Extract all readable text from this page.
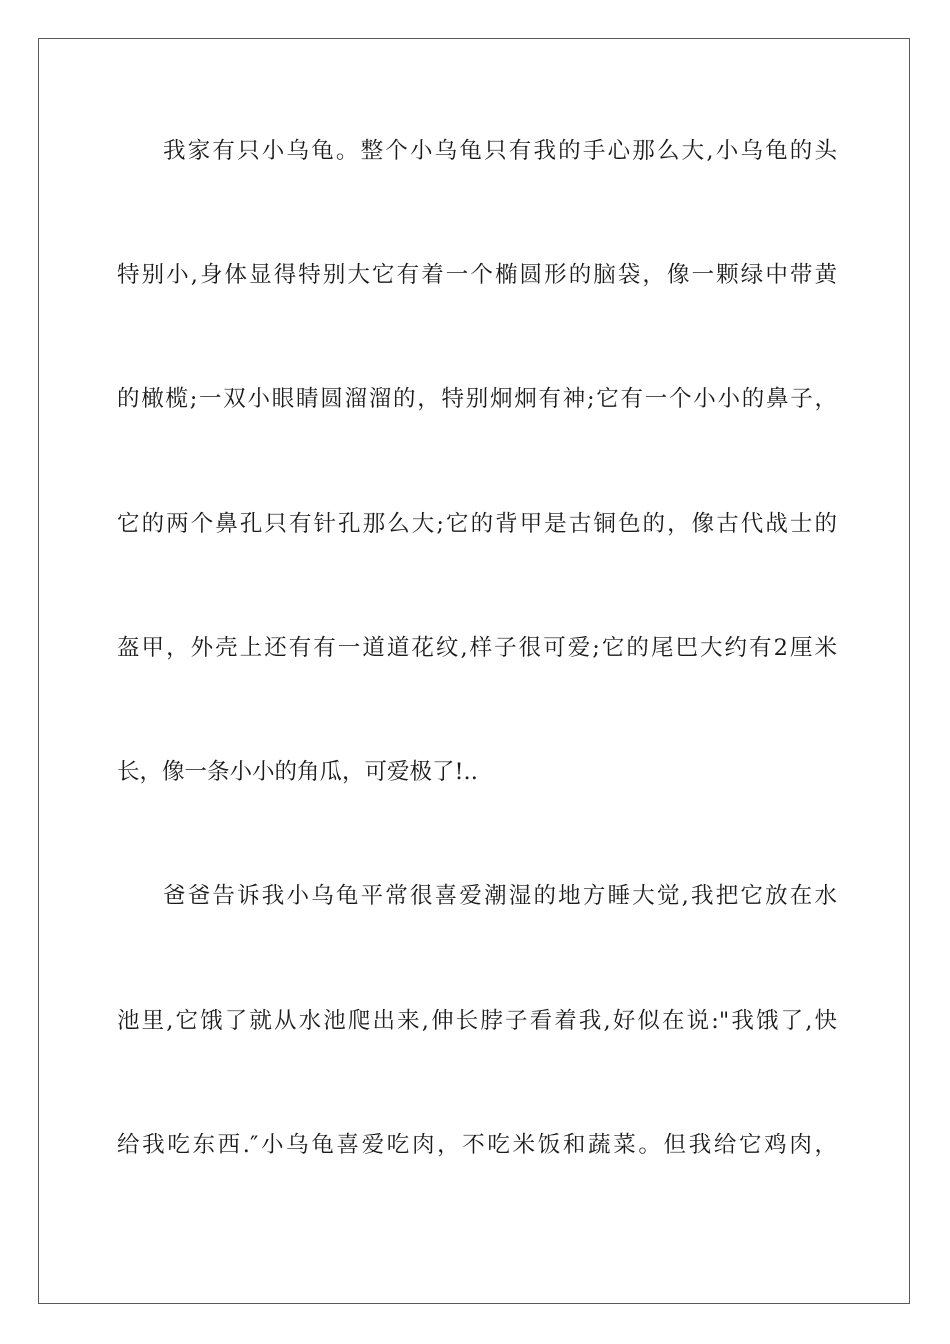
我家有只小乌龟。整个小乌龟只有我的手心那么大,小乌龟的头
特别小,身体显得特别大它有着一个椭圆形的脑袋，像一颗绿中带黄
的橄榄;一双小眼睛圆溜溜的，特别炯炯有神;它有一个小小的鼻子，
它的两个鼻孔只有针孔那么大;它的背甲是古铜色的，像古代战士的
盔甲，外壳上还有有一道道花纹,样子很可爱;它的尾巴大约有2厘米
长，像一条小小的角瓜，可爱极了!..
爸爸告诉我小乌龟平常很喜爱潮湿的地方睡大觉,我把它放在水
池里,它饿了就从水池爬出来,伸长脖子看着我,好似在说:"我饿了,快
给我吃东西.″小乌龟喜爱吃肉，不吃米饭和蔬菜。但我给它鸡肉，
